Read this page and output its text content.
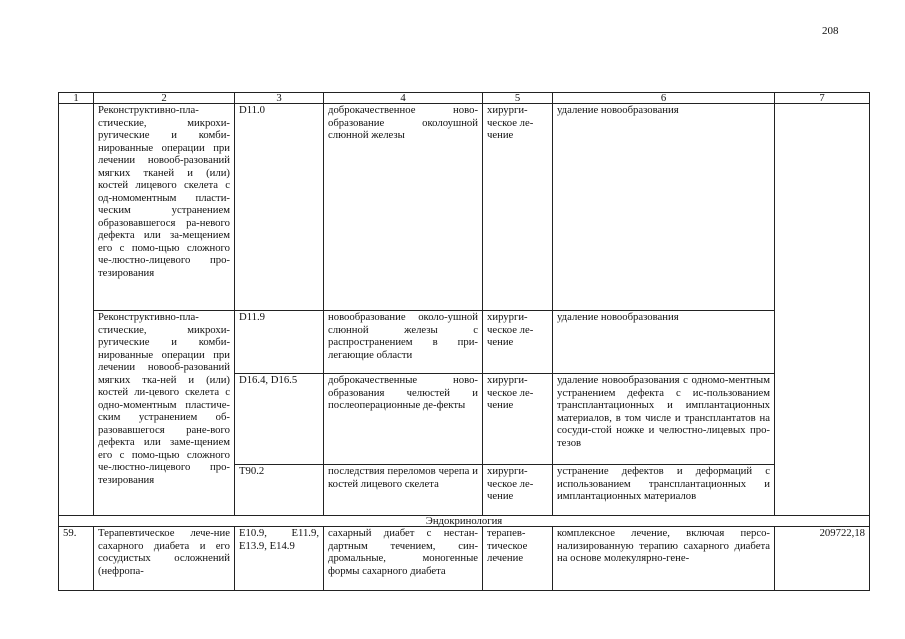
208
1	2	3	4	5	6	7
	Реконструктивно-пла-стические, микрохи-ругические и комби-нированные операции при лечении новооб-разований мягких тканей и (или) костей лицевого скелета с од-номоментным пласти-ческим устранением образовавшегося ра-невого дефекта или за-мещением его с помо-щью сложного че-люстно-лицевого про-тезирования	D11.0	доброкачественное ново-образование околоушной слюнной железы	хирурги-ческое ле-чение	удаление новообразования	
	Реконструктивно-пла-стические, микрохи-ругические и комби-нированные операции при лечении новооб-разований мягких тка-ней и (или) костей ли-цевого скелета с одно-моментным пластиче-ским устранением об-разовавшегося ране-вого дефекта или заме-щением его с помо-щью сложного че-люстно-лицевого про-тезирования	D11.9	новообразование около-ушной слюнной железы с распространением в при-легающие области	хирурги-ческое ле-чение	удаление новообразования	
		D16.4, D16.5	доброкачественные ново-образования челюстей и послеоперационные де-фекты	хирурги-ческое ле-чение	удаление новообразования с одномо-ментным устранением дефекта с ис-пользованием трансплантационных и имплантационных материалов, в том числе и трансплантатов на сосуди-стой ножке и челюстно-лицевых про-тезов	
		T90.2	последствия переломов черепа и костей лицевого скелета	хирурги-ческое ле-чение	устранение дефектов и деформаций с использованием трансплантационных и имплантационных материалов	
Эндокринология						
59.	Терапевтическое лече-ние сахарного диабета и его сосудистых осложнений (нефропа-	E10.9, E11.9, E13.9, E14.9	сахарный диабет с нестан-дартным течением, син-дромальные, моногенные формы сахарного диабета	терапев-тическое лечение	комплексное лечение, включая персо-нализированную терапию сахарного диабета на основе молекулярно-гене-	209722,18
